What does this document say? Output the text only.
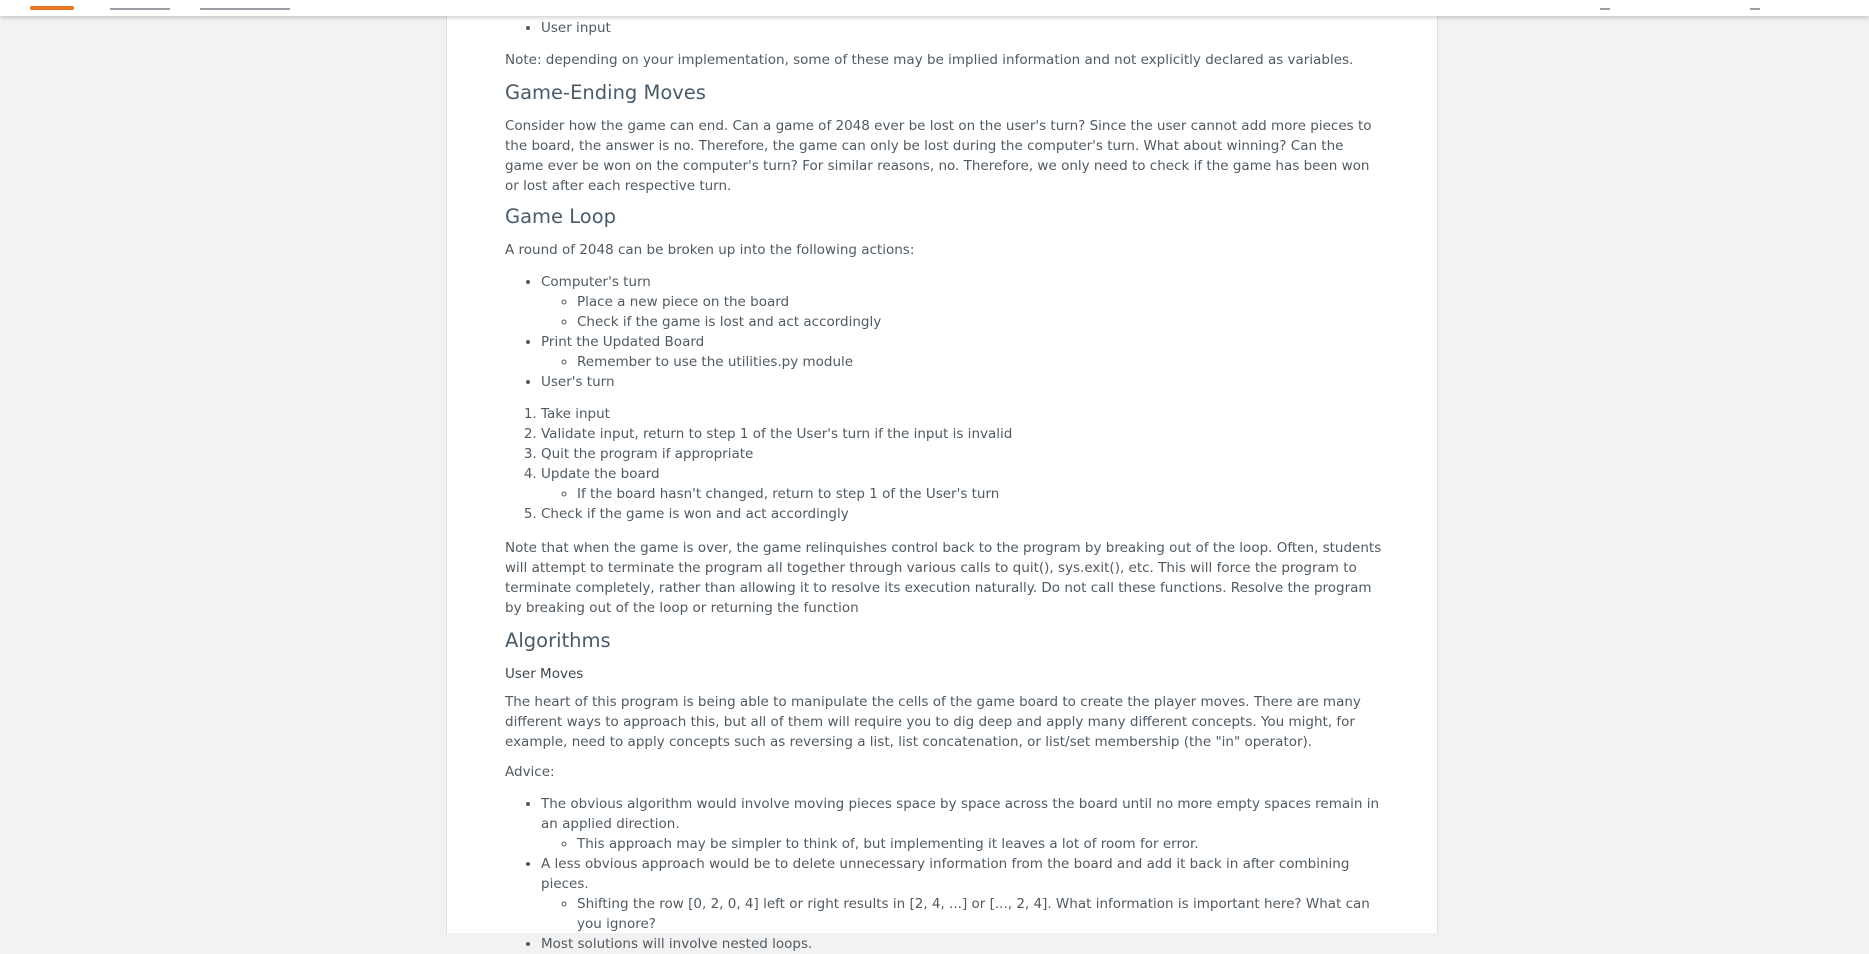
• User input

Note: depending on your implementation, some of these may be implied information and not explicitly declared as variables.

Game-Ending Moves

Consider how the game can end. Can a game of 2048 ever be lost on the user's turn? Since the user cannot add more pieces to the board, the answer is no. Therefore, the game can only be lost during the computer's turn. What about winning? Can the game ever be won on the computer's turn? For similar reasons, no. Therefore, we only need to check if the game has been won or lost after each respective turn.

Game Loop

A round of 2048 can be broken up into the following actions:

• Computer's turn
◦ Place a new piece on the board
◦ Check if the game is lost and act accordingly
• Print the Updated Board
◦ Remember to use the utilities.py module
• User's turn
1. Take input
2. Validate input, return to step 1 of the User's turn if the input is invalid
3. Quit the program if appropriate
4. Update the board
◦ If the board hasn't changed, return to step 1 of the User's turn
5. Check if the game is won and act accordingly

Note that when the game is over, the game relinquishes control back to the program by breaking out of the loop. Often, students will attempt to terminate the program all together through various calls to quit(), sys.exit(), etc. This will force the program to terminate completely, rather than allowing it to resolve its execution naturally. Do not call these functions. Resolve the program by breaking out of the loop or returning the function

Algorithms
User Moves

The heart of this program is being able to manipulate the cells of the game board to create the player moves. There are many different ways to approach this, but all of them will require you to dig deep and apply many different concepts. You might, for example, need to apply concepts such as reversing a list, list concatenation, or list/set membership (the "in" operator).

Advice:

• The obvious algorithm would involve moving pieces space by space across the board until no more empty spaces remain in an applied direction.
◦ This approach may be simpler to think of, but implementing it leaves a lot of room for error.
• A less obvious approach would be to delete unnecessary information from the board and add it back in after combining pieces.
◦ Shifting the row [0, 2, 0, 4] left or right results in [2, 4, ...] or [..., 2, 4]. What information is important here? What can you ignore?
• Most solutions will involve nested loops.
